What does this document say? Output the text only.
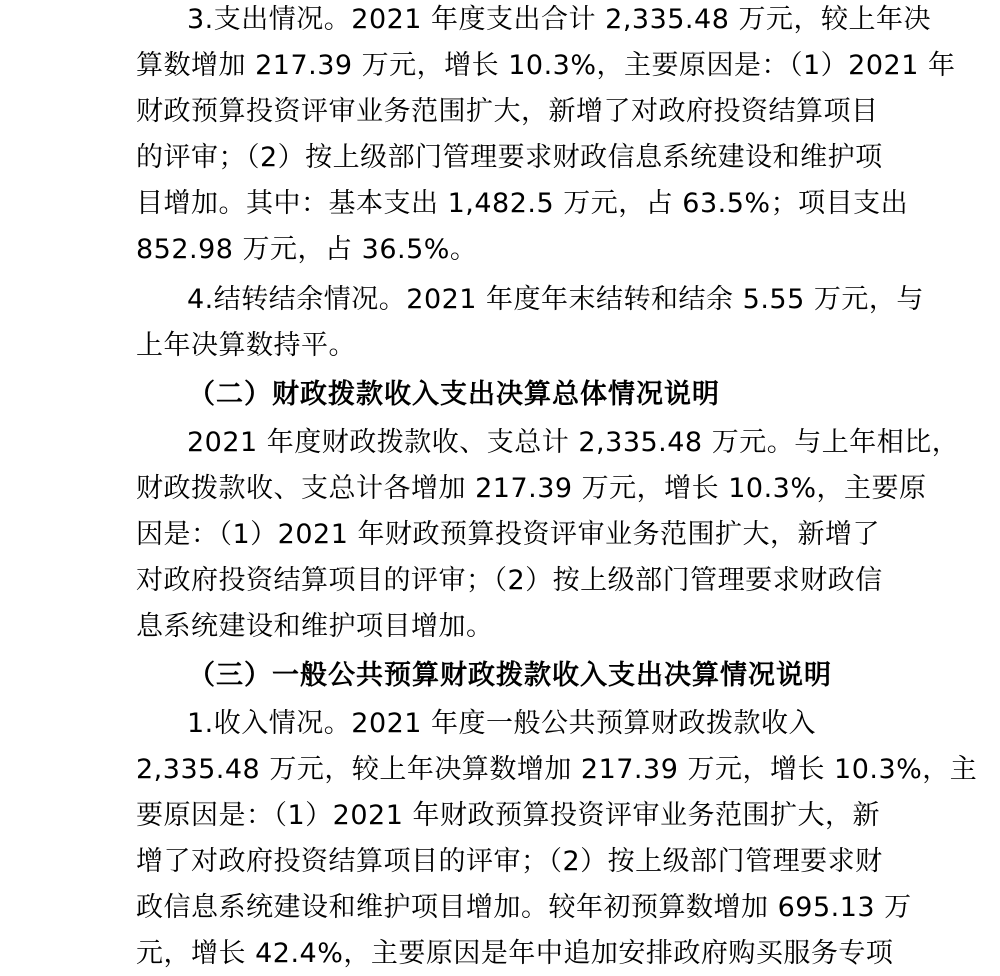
3.支出情况。2021 年度支出合计 2,335.48 万元，较上年决
算数增加 217.39 万元，增长 10.3%，主要原因是：（1）2021 年
财政预算投资评审业务范围扩大，新增了对政府投资结算项目
的评审；（2）按上级部门管理要求财政信息系统建设和维护项
目增加。其中：基本支出 1,482.5 万元，占 63.5%；项目支出
852.98 万元，占 36.5%。
4.结转结余情况。2021 年度年末结转和结余 5.55 万元，与
上年决算数持平。
（二）财政拨款收入支出决算总体情况说明
2021 年度财政拨款收、支总计 2,335.48 万元。与上年相比，
财政拨款收、支总计各增加 217.39 万元，增长 10.3%，主要原
因是：（1）2021 年财政预算投资评审业务范围扩大，新增了
对政府投资结算项目的评审；（2）按上级部门管理要求财政信
息系统建设和维护项目增加。
（三）一般公共预算财政拨款收入支出决算情况说明
1.收入情况。2021 年度一般公共预算财政拨款收入
2,335.48 万元，较上年决算数增加 217.39 万元，增长 10.3%，主
要原因是：（1）2021 年财政预算投资评审业务范围扩大，新
增了对政府投资结算项目的评审；（2）按上级部门管理要求财
政信息系统建设和维护项目增加。较年初预算数增加 695.13 万
元，增长 42.4%，主要原因是年中追加安排政府购买服务专项
